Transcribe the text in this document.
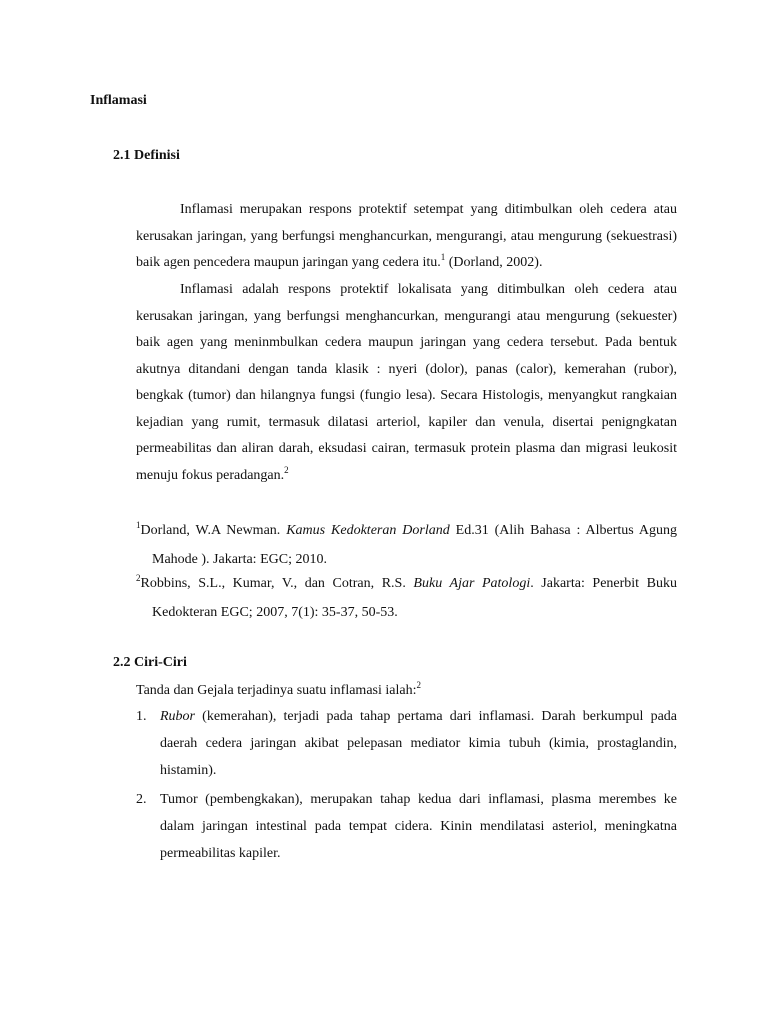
Inflamasi
2.1 Definisi

Inflamasi merupakan respons protektif setempat yang ditimbulkan oleh cedera atau kerusakan jaringan, yang berfungsi menghancurkan, mengurangi, atau mengurung (sekuestrasi) baik agen pencedera maupun jaringan yang cedera itu.$^1$ (Dorland, 2002).

Inflamasi adalah respons protektif lokalisata yang ditimbulkan oleh cedera atau kerusakan jaringan, yang berfungsi menghancurkan, mengurangi atau mengurung (sekuester) baik agen yang meninmbulkan cedera maupun jaringan yang cedera tersebut. Pada bentuk akutnya ditandani dengan tanda klasik : nyeri (dolor), panas (calor), kemerahan (rubor), bengkak (tumor) dan hilangnya fungsi (fungio lesa). Secara Histologis, menyangkut rangkaian kejadian yang rumit, termasuk dilatasi arteriol, kapiler dan venula, disertai penigngkatan permeabilitas dan aliran darah, eksudasi cairan, termasuk protein plasma dan migrasi leukosit menuju fokus peradangan.$^2$

$^1$Dorland, W.A Newman. Kamus Kedokteran Dorland Ed.31 (Alih Bahasa : Albertus Agung Mahode ). Jakarta: EGC; 2010.

$^2$Robbins, S.L., Kumar, V., dan Cotran, R.S. Buku Ajar Patologi. Jakarta: Penerbit Buku Kedokteran EGC; 2007, 7(1): 35-37, 50-53.

2.2 Ciri-Ciri
Tanda dan Gejala terjadinya suatu inflamasi ialah:$^2$
1. Rubor (kemerahan), terjadi pada tahap pertama dari inflamasi. Darah berkumpul pada daerah cedera jaringan akibat pelepasan mediator kimia tubuh (kimia, prostaglandin, histamin).
2. Tumor (pembengkakan), merupakan tahap kedua dari inflamasi, plasma merembes ke dalam jaringan intestinal pada tempat cidera. Kinin mendilatasi asteriol, meningkatna permeabilitas kapiler.
